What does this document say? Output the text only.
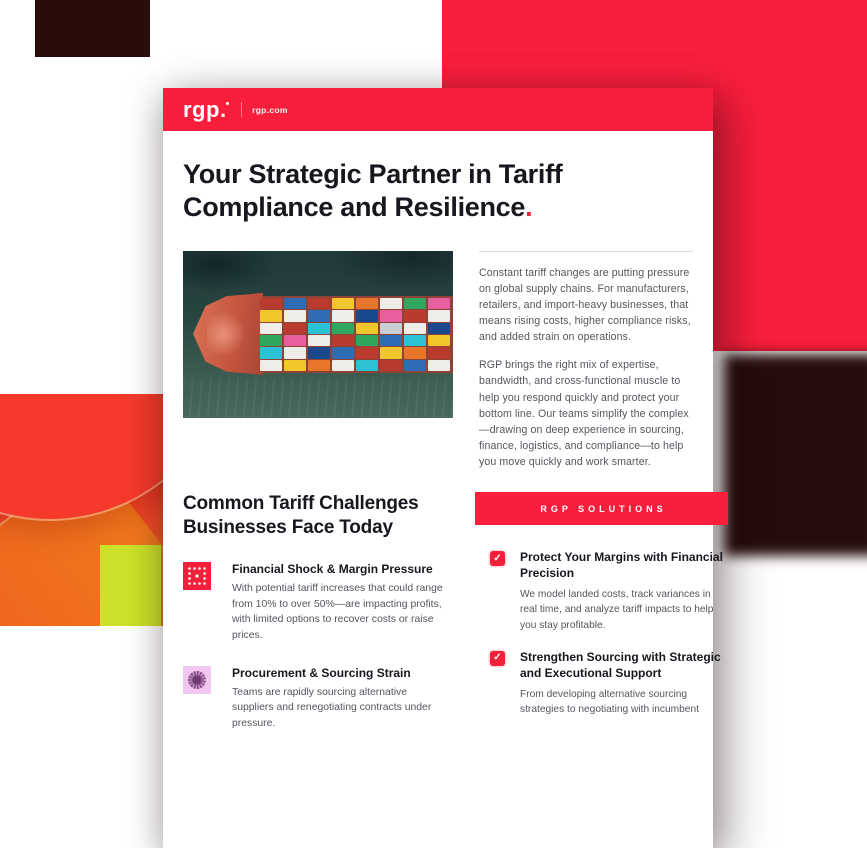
rgp .	rgp.com
Your Strategic Partner in Tariff
Compliance and Resilience.

Constant tariff changes are putting pressure on global supply chains. For manufacturers, retailers, and import-heavy businesses, that means rising costs, higher compliance risks, and added strain on operations.

RGP brings the right mix of expertise, bandwidth, and cross-functional muscle to help you respond quickly and protect your bottom line. Our teams simplify the complex—drawing on deep experience in sourcing, finance, logistics, and compliance—to help you move quickly and work smarter.

Common Tariff Challenges
Businesses Face Today
Financial Shock & Margin Pressure
With potential tariff increases that could range from 10% to over 50%—are impacting profits, with limited options to recover costs or raise prices.
Procurement & Sourcing Strain
Teams are rapidly sourcing alternative suppliers and renegotiating contracts under pressure.
RGP SOLUTIONS
✓ Protect Your Margins with Financial Precision
We model landed costs, track variances in real time, and analyze tariff impacts to help you stay profitable.
✓ Strengthen Sourcing with Strategic and Executional Support
From developing alternative sourcing strategies to negotiating with incumbent
